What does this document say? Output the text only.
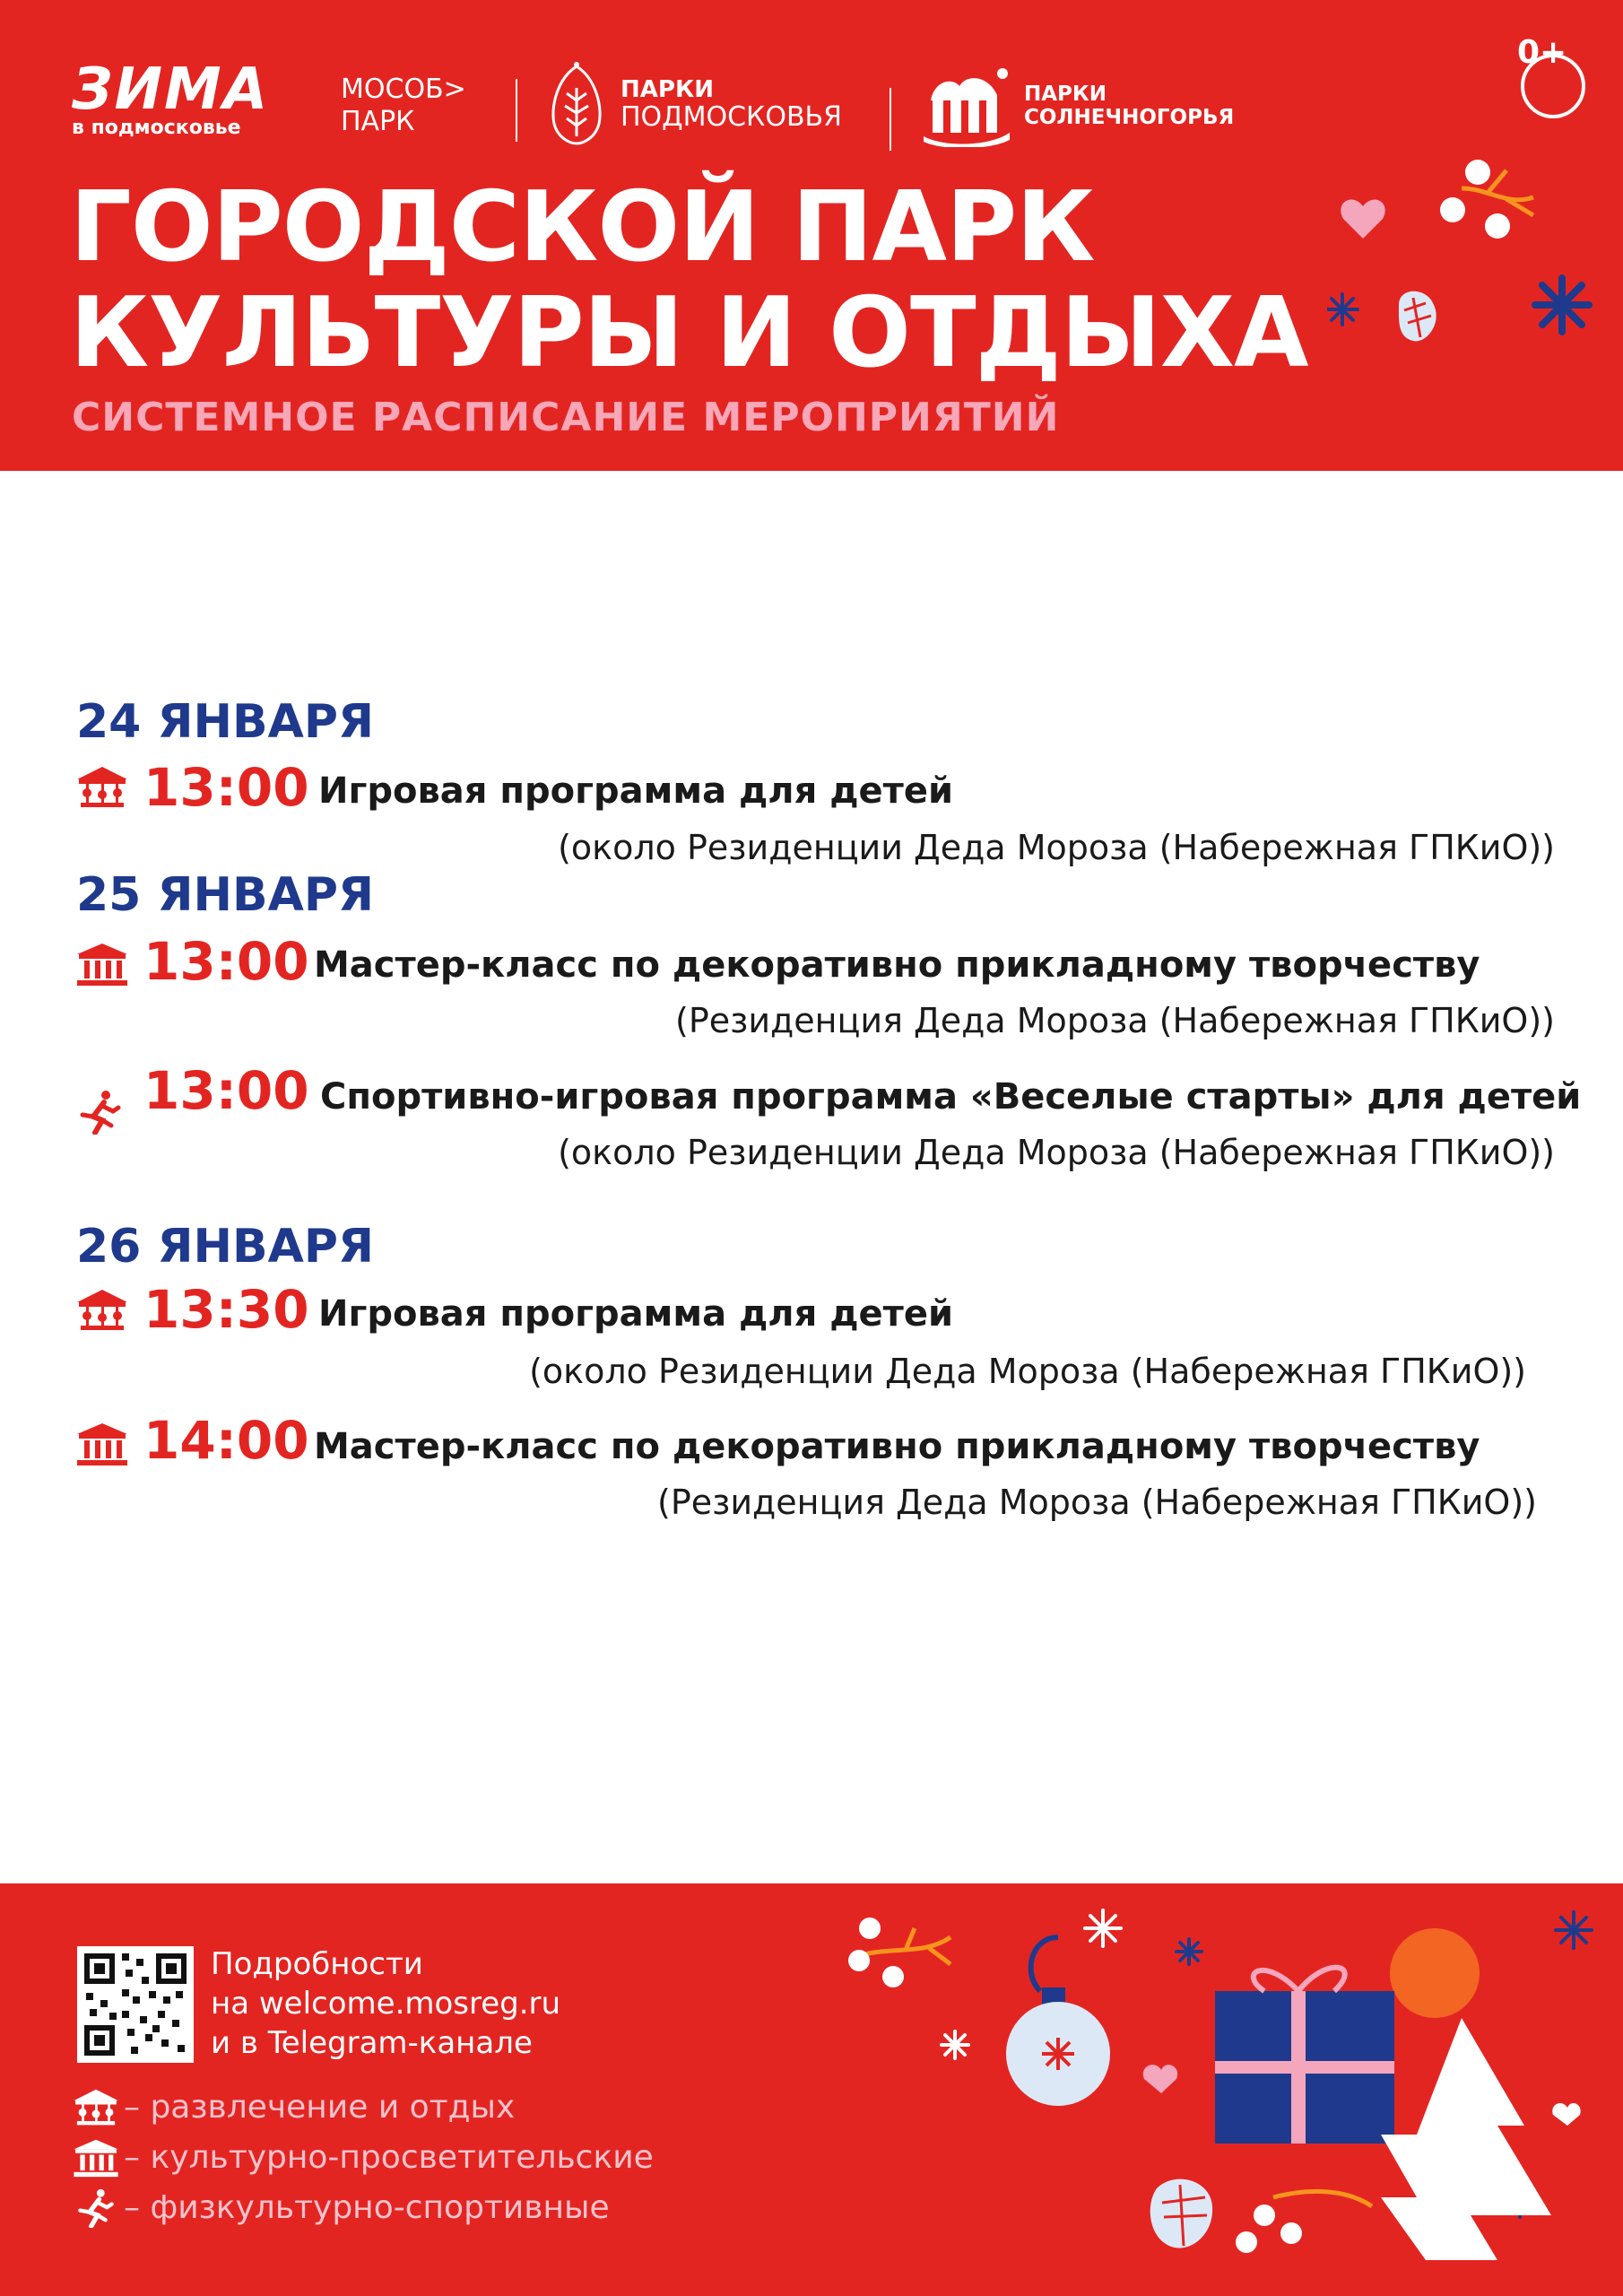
ЗИМА
в подмосковье
МОСОБ>
ПАРК
ПАРКИ
ПОДМОСКОВЬЯ
ПАРКИ
СОЛНЕЧНОГОРЬЯ
0+
ГОРОДСКОЙ ПАРК
КУЛЬТУРЫ И ОТДЫХА
СИСТЕМНОЕ РАСПИСАНИЕ МЕРОПРИЯТИЙ
24 ЯНВАРЯ
13:00 Игровая программа для детей
(около Резиденции Деда Мороза (Набережная ГПКиО))
25 ЯНВАРЯ
13:00 Мастер-класс по декоративно прикладному творчеству
(Резиденция Деда Мороза (Набережная ГПКиО))
13:00 Спортивно-игровая программа «Веселые старты» для детей
(около Резиденции Деда Мороза (Набережная ГПКиО))
26 ЯНВАРЯ
13:30 Игровая программа для детей
(около Резиденции Деда Мороза (Набережная ГПКиО))
14:00 Мастер-класс по декоративно прикладному творчеству
(Резиденция Деда Мороза (Набережная ГПКиО))
Подробности
на welcome.mosreg.ru
и в Telegram-канале
– развлечение и отдых
– культурно-просветительские
– физкультурно-спортивные
